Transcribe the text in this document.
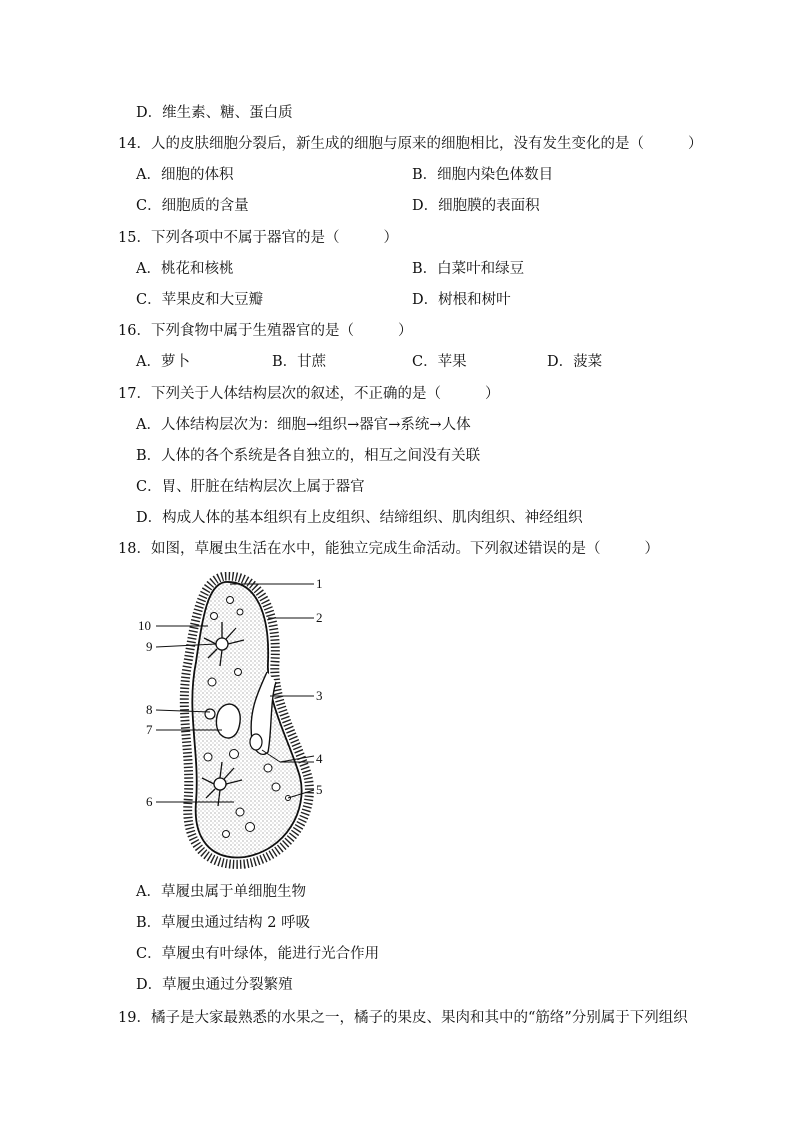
D．维生素、糖、蛋白质
14．人的皮肤细胞分裂后，新生成的细胞与原来的细胞相比，没有发生变化的是（	）
A．细胞的体积	B．细胞内染色体数目
C．细胞质的含量	D．细胞膜的表面积
15．下列各项中不属于器官的是（	）
A．桃花和核桃	B．白菜叶和绿豆
C．苹果皮和大豆瓣	D．树根和树叶
16．下列食物中属于生殖器官的是（	）
A．萝卜	B．甘蔗	C．苹果	D．菠菜
17．下列关于人体结构层次的叙述，不正确的是（	）
A．人体结构层次为：细胞→组织→器官→系统→人体
B．人体的各个系统是各自独立的，相互之间没有关联
C．胃、肝脏在结构层次上属于器官
D．构成人体的基本组织有上皮组织、结缔组织、肌肉组织、神经组织
18．如图，草履虫生活在水中，能独立完成生命活动。下列叙述错误的是（	）
1
2
3
4
5
6
7
8
9
10
A．草履虫属于单细胞生物
B．草履虫通过结构 2 呼吸
C．草履虫有叶绿体，能进行光合作用
D．草履虫通过分裂繁殖
19．橘子是大家最熟悉的水果之一，橘子的果皮、果肉和其中的“筋络”分别属于下列组织
